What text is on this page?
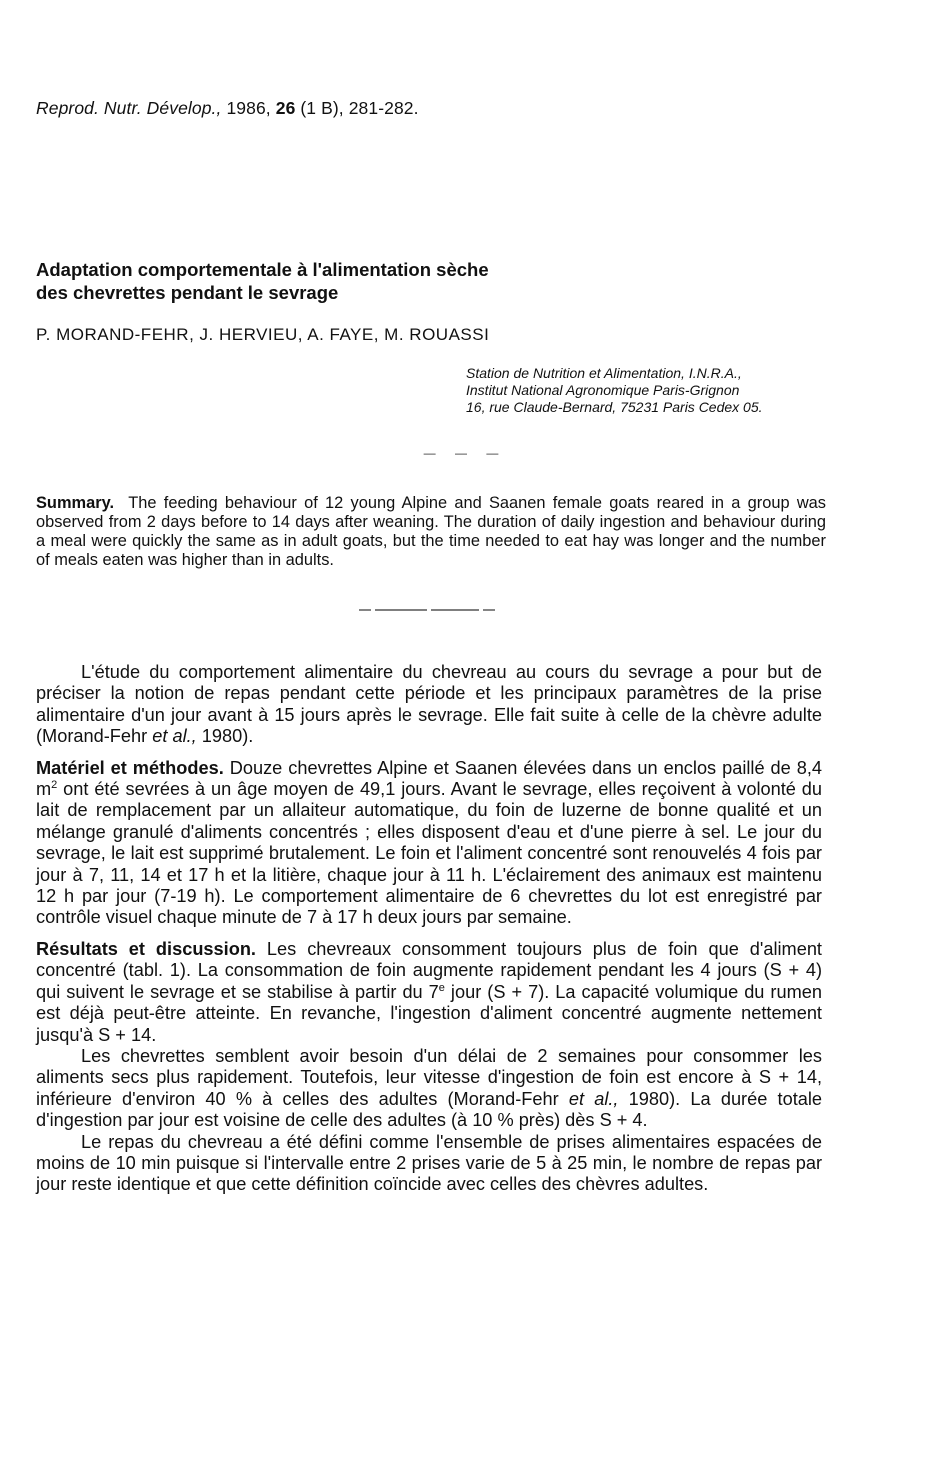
Reprod. Nutr. Dévelop., 1986, 26 (1 B), 281-282.
Adaptation comportementale à l'alimentation sèche
des chevrettes pendant le sevrage
P. MORAND-FEHR, J. HERVIEU, A. FAYE, M. ROUASSI
Station de Nutrition et Alimentation, I.N.R.A.,
Institut National Agronomique Paris-Grignon
16, rue Claude-Bernard, 75231 Paris Cedex 05.
— — —
Summary. The feeding behaviour of 12 young Alpine and Saanen female goats reared in a group was observed from 2 days before to 14 days after weaning. The duration of daily ingestion and behaviour during a meal were quickly the same as in adult goats, but the time needed to eat hay was longer and the number of meals eaten was higher than in adults.

L'étude du comportement alimentaire du chevreau au cours du sevrage a pour but de préciser la notion de repas pendant cette période et les principaux paramètres de la prise alimentaire d'un jour avant à 15 jours après le sevrage. Elle fait suite à celle de la chèvre adulte (Morand-Fehr et al., 1980).

Matériel et méthodes. Douze chevrettes Alpine et Saanen élevées dans un enclos paillé de 8,4 $m^2$ ont été sevrées à un âge moyen de 49,1 jours. Avant le sevrage, elles reçoivent à volonté du lait de remplacement par un allaiteur automatique, du foin de luzerne de bonne qualité et un mélange granulé d'aliments concentrés ; elles disposent d'eau et d'une pierre à sel. Le jour du sevrage, le lait est supprimé brutalement. Le foin et l'aliment concentré sont renouvelés 4 fois par jour à 7, 11, 14 et 17 h et la litière, chaque jour à 11 h. L'éclairement des animaux est maintenu 12 h par jour (7-19 h). Le comportement alimentaire de 6 chevrettes du lot est enregistré par contrôle visuel chaque minute de 7 à 17 h deux jours par semaine.

Résultats et discussion. Les chevreaux consomment toujours plus de foin que d'aliment concentré (tabl. 1). La consommation de foin augmente rapidement pendant les 4 jours (S + 4) qui suivent le sevrage et se stabilise à partir du 7e jour (S + 7). La capacité volumique du rumen est déjà peut-être atteinte. En revanche, l'ingestion d'aliment concentré augmente nettement jusqu'à S + 14.

Les chevrettes semblent avoir besoin d'un délai de 2 semaines pour consommer les aliments secs plus rapidement. Toutefois, leur vitesse d'ingestion de foin est encore à S + 14, inférieure d'environ 40 % à celles des adultes (Morand-Fehr et al., 1980). La durée totale d'ingestion par jour est voisine de celle des adultes (à 10 % près) dès S + 4.

Le repas du chevreau a été défini comme l'ensemble de prises alimentaires espacées de moins de 10 min puisque si l'intervalle entre 2 prises varie de 5 à 25 min, le nombre de repas par jour reste identique et que cette définition coïncide avec celles des chèvres adultes.
